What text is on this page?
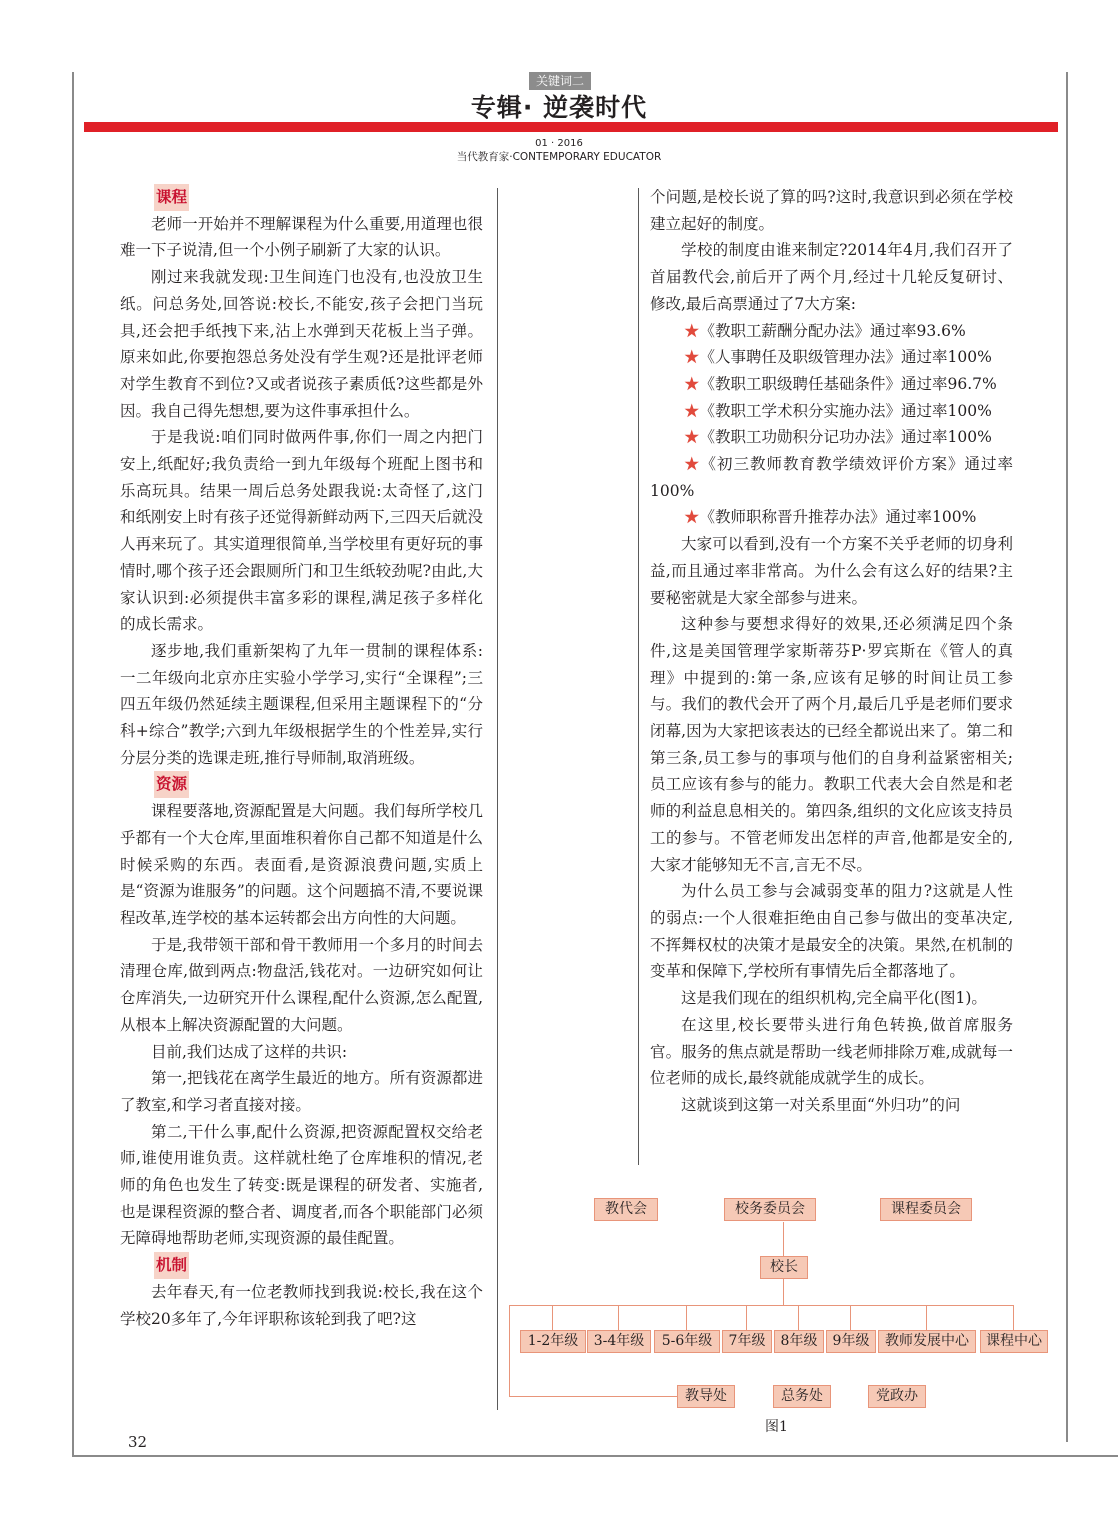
关键词二
专辑· 逆袭时代
01 · 2016
当代教育家·CONTEMPORARY EDUCATOR
课程

老师一开始并不理解课程为什么重要,用道理也很难一下子说清,但一个小例子刷新了大家的认识。

刚过来我就发现:卫生间连门也没有,也没放卫生纸。问总务处,回答说:校长,不能安,孩子会把门当玩具,还会把手纸拽下来,沾上水弹到天花板上当子弹。原来如此,你要抱怨总务处没有学生观?还是批评老师对学生教育不到位?又或者说孩子素质低?这些都是外因。我自己得先想想,要为这件事承担什么。

于是我说:咱们同时做两件事,你们一周之内把门安上,纸配好;我负责给一到九年级每个班配上图书和乐高玩具。结果一周后总务处跟我说:太奇怪了,这门和纸刚安上时有孩子还觉得新鲜动两下,三四天后就没人再来玩了。其实道理很简单,当学校里有更好玩的事情时,哪个孩子还会跟厕所门和卫生纸较劲呢?由此,大家认识到:必须提供丰富多彩的课程,满足孩子多样化的成长需求。

逐步地,我们重新架构了九年一贯制的课程体系:一二年级向北京亦庄实验小学学习,实行“全课程”;三四五年级仍然延续主题课程,但采用主题课程下的“分科+综合”教学;六到九年级根据学生的个性差异,实行分层分类的选课走班,推行导师制,取消班级。

资源

课程要落地,资源配置是大问题。我们每所学校几乎都有一个大仓库,里面堆积着你自己都不知道是什么时候采购的东西。表面看,是资源浪费问题,实质上是“资源为谁服务”的问题。这个问题搞不清,不要说课程改革,连学校的基本运转都会出方向性的大问题。

于是,我带领干部和骨干教师用一个多月的时间去清理仓库,做到两点:物盘活,钱花对。一边研究如何让仓库消失,一边研究开什么课程,配什么资源,怎么配置,从根本上解决资源配置的大问题。

目前,我们达成了这样的共识:

第一,把钱花在离学生最近的地方。所有资源都进了教室,和学习者直接对接。

第二,干什么事,配什么资源,把资源配置权交给老师,谁使用谁负责。这样就杜绝了仓库堆积的情况,老师的角色也发生了转变:既是课程的研发者、实施者,也是课程资源的整合者、调度者,而各个职能部门必须无障碍地帮助老师,实现资源的最佳配置。

机制

去年春天,有一位老教师找到我说:校长,我在这个学校20多年了,今年评职称该轮到我了吧?这

个问题,是校长说了算的吗?这时,我意识到必须在学校建立起好的制度。

学校的制度由谁来制定?2014年4月,我们召开了首届教代会,前后开了两个月,经过十几轮反复研讨、修改,最后高票通过了7大方案:

★《教职工薪酬分配办法》通过率93.6%

★《人事聘任及职级管理办法》通过率100%

★《教职工职级聘任基础条件》通过率96.7%

★《教职工学术积分实施办法》通过率100%

★《教职工功勋积分记功办法》通过率100%

★《初三教师教育教学绩效评价方案》通过率100%

★《教师职称晋升推荐办法》通过率100%

大家可以看到,没有一个方案不关乎老师的切身利益,而且通过率非常高。为什么会有这么好的结果?主要秘密就是大家全部参与进来。

这种参与要想求得好的效果,还必须满足四个条件,这是美国管理学家斯蒂芬P·罗宾斯在《管人的真理》中提到的:第一条,应该有足够的时间让员工参与。我们的教代会开了两个月,最后几乎是老师们要求闭幕,因为大家把该表达的已经全都说出来了。第二和第三条,员工参与的事项与他们的自身利益紧密相关;员工应该有参与的能力。教职工代表大会自然是和老师的利益息息相关的。第四条,组织的文化应该支持员工的参与。不管老师发出怎样的声音,他都是安全的,大家才能够知无不言,言无不尽。

为什么员工参与会减弱变革的阻力?这就是人性的弱点:一个人很难拒绝由自己参与做出的变革决定,不挥舞权杖的决策才是最安全的决策。果然,在机制的变革和保障下,学校所有事情先后全都落地了。

这是我们现在的组织机构,完全扁平化(图1)。

在这里,校长要带头进行角色转换,做首席服务官。服务的焦点就是帮助一线老师排除万难,成就每一位老师的成长,最终就能成就学生的成长。

这就谈到这第一对关系里面“外归功”的问

教代会	校务委员会	课程委员会
校长
1-2年级	3-4年级	5-6年级	7年级	8年级	9年级	教师发展中心	课程中心
教导处	总务处	党政办
图1
32
